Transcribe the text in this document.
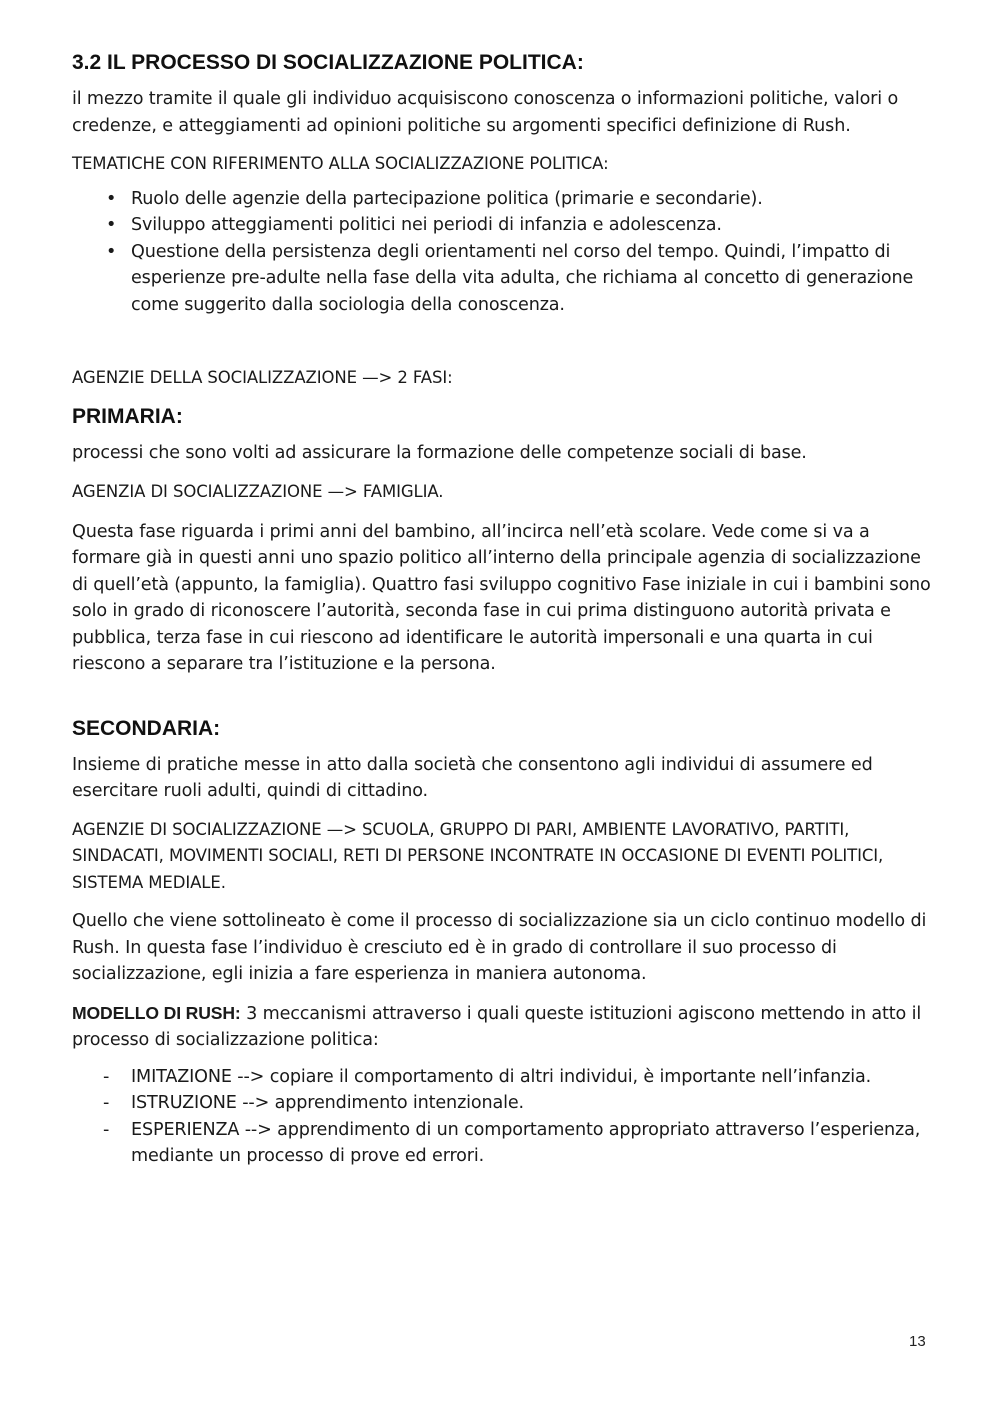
3.2 IL PROCESSO DI SOCIALIZZAZIONE POLITICA:

il mezzo tramite il quale gli individuo acquisiscono conoscenza o informazioni politiche, valori o credenze, e atteggiamenti ad opinioni politiche su argomenti specifici definizione di Rush.

TEMATICHE CON RIFERIMENTO ALLA SOCIALIZZAZIONE POLITICA:

• Ruolo delle agenzie della partecipazione politica (primarie e secondarie).
• Sviluppo atteggiamenti politici nei periodi di infanzia e adolescenza.
• Questione della persistenza degli orientamenti nel corso del tempo. Quindi, l’impatto di esperienze pre-adulte nella fase della vita adulta, che richiama al concetto di generazione come suggerito dalla sociologia della conoscenza.

AGENZIE DELLA SOCIALIZZAZIONE —> 2 FASI:

PRIMARIA:

processi che sono volti ad assicurare la formazione delle competenze sociali di base.

AGENZIA DI SOCIALIZZAZIONE —> FAMIGLIA.

Questa fase riguarda i primi anni del bambino, all’incirca nell’età scolare. Vede come si va a formare già in questi anni uno spazio politico all’interno della principale agenzia di socializzazione di quell’età (appunto, la famiglia). Quattro fasi sviluppo cognitivo Fase iniziale in cui i bambini sono solo in grado di riconoscere l’autorità, seconda fase in cui prima distinguono autorità privata e pubblica, terza fase in cui riescono ad identificare le autorità impersonali e una quarta in cui riescono a separare tra l’istituzione e la persona.

SECONDARIA:

Insieme di pratiche messe in atto dalla società che consentono agli individui di assumere ed esercitare ruoli adulti, quindi di cittadino.

AGENZIE DI SOCIALIZZAZIONE —> SCUOLA, GRUPPO DI PARI, AMBIENTE LAVORATIVO, PARTITI, SINDACATI, MOVIMENTI SOCIALI, RETI DI PERSONE INCONTRATE IN OCCASIONE DI EVENTI POLITICI, SISTEMA MEDIALE.

Quello che viene sottolineato è come il processo di socializzazione sia un ciclo continuo modello di Rush. In questa fase l’individuo è cresciuto ed è in grado di controllare il suo processo di socializzazione, egli inizia a fare esperienza in maniera autonoma.

MODELLO DI RUSH: 3 meccanismi attraverso i quali queste istituzioni agiscono mettendo in atto il processo di socializzazione politica:

- IMITAZIONE --> copiare il comportamento di altri individui, è importante nell’infanzia.
- ISTRUZIONE --> apprendimento intenzionale.
- ESPERIENZA --> apprendimento di un comportamento appropriato attraverso l’esperienza, mediante un processo di prove ed errori.
13
